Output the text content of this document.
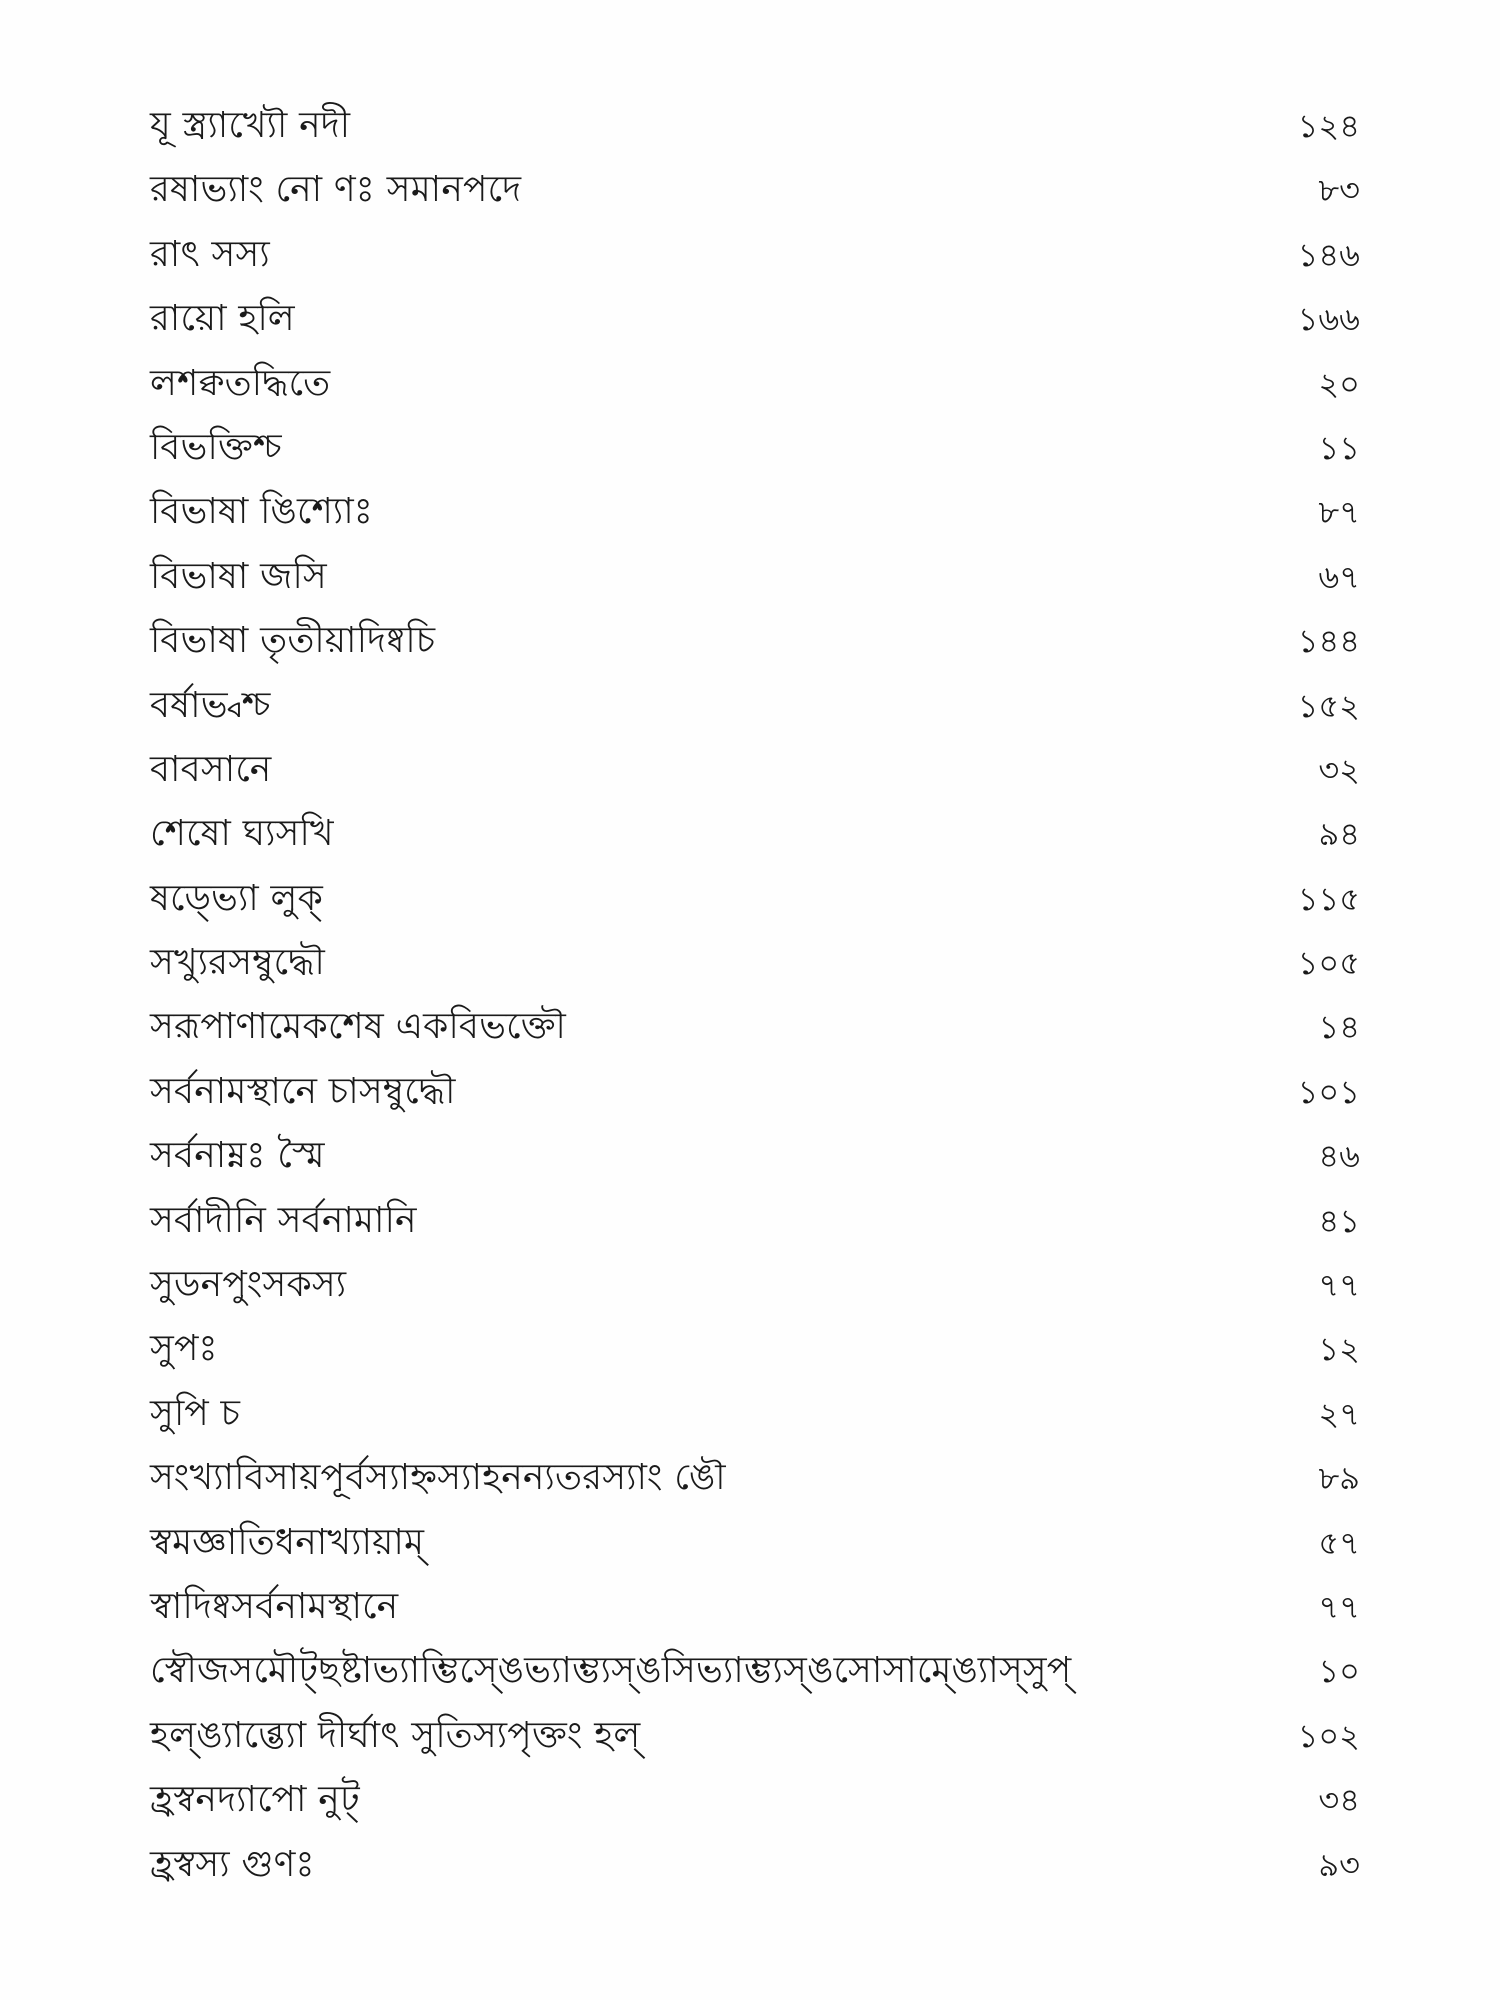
যূ স্ত্র্যাখ্যৌ নদী	১২৪
রষাভ্যাং নো ণঃ সমানপদে	৮৩
রাৎ সস্য	১৪৬
রায়ো হলি	১৬৬
লশক্বতদ্ধিতে	২০
বিভক্তিশ্চ	১১
বিভাষা ঙিশ্যোঃ	৮৭
বিভাষা জসি	৬৭
বিভাষা তৃতীয়াদিষ্বচি	১৪৪
বর্ষাভ্বশ্চ	১৫২
বাবসানে	৩২
শেষো ঘ্যসখি	৯৪
ষড্ভ্যো লুক্	১১৫
সখ্যুরসম্বুদ্ধৌ	১০৫
সরূপাণামেকশেষ একবিভক্তৌ	১৪
সর্বনামস্থানে চাসম্বুদ্ধৌ	১০১
সর্বনাম্নঃ স্মৈ	৪৬
সর্বাদীনি সর্বনামানি	৪১
সুডনপুংসকস্য	৭৭
সুপঃ	১২
সুপি চ	২৭
সংখ্যাবিসায়পূর্বস্যাহ্নস্যাহনন্যতরস্যাং ঙৌ	৮৯
স্বমজ্ঞাতিধনাখ্যায়াম্	৫৭
স্বাদিষ্বসর্বনামস্থানে	৭৭
স্বৌজসমৌট্ছষ্টাভ্যাম্ভিস্ঙেভ্যাম্ভ্যস্ঙসিভ্যাম্ভ্যস্ঙসোসাম্ঙ্যোস্সুপ্	১০
হল্ঙ্যাব্ভ্যো দীর্ঘাৎ সুতিস্যপৃক্তং হল্	১০২
হ্রস্বনদ্যাপো নুট্	৩৪
হ্রস্বস্য গুণঃ	৯৩
